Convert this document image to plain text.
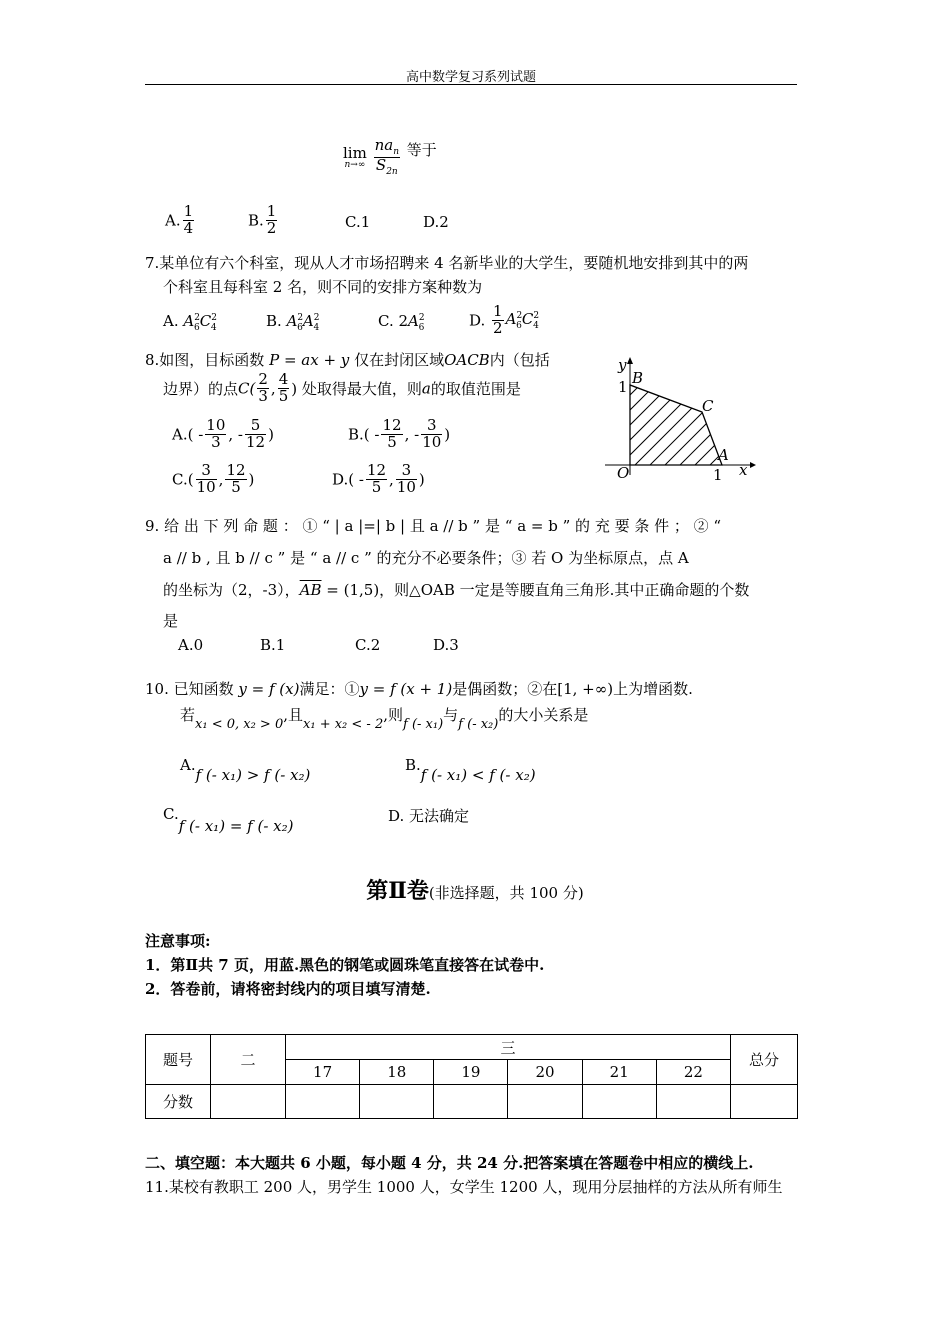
高中数学复习系列试题
lim
n→∞
$\frac{na_n}{S_{2n}}$ 等于
A. $\frac{1}{4}$	B. $\frac{1}{2}$	C.1	D.2
7.某单位有六个科室，现从人才市场招聘来 4 名新毕业的大学生，要随机地安排到其中的两
个科室且每科室 2 名，则不同的安排方案种数为
A. $A^2_6C^2_4$	B. $A^2_6A^2_4$	C. $2A^2_6$	D. $\frac{1}{2} A^2_6C^2_4$
8.如图，目标函数 P = ax + y 仅在封闭区域OACB内（包括
边界）的点$C( \frac{2}{3}$ , $\frac{4}{5}$ ) 处取得最大值，则a的取值范围是
$A.( - \frac{10}{3}$ , - $\frac{5}{12}$ )	$B.( - \frac{12}{5}$ , - $\frac{3}{10}$ )
$C.( \frac{3}{10}$ , $\frac{12}{5}$ )	$D.( - \frac{12}{5}$ , $\frac{3}{10}$ )
y
x
1
1
B
C
A
O
9. 给 出 下 列 命 题 ： ① “ | a |=| b | 且 a // b ” 是 “ a = b ” 的 充 要 条 件 ； ② “
a // b , 且 b // c ” 是 “ a // c ” 的充分不必要条件；③ 若 O 为坐标原点，点 A
的坐标为（2，-3），$\overline{AB} = (1,5)$，则△OAB 一定是等腰直角三角形.其中正确命题的个数
是
A.0	B.1	C.2	D.3
10. 已知函数 y = f (x)满足：①y = f (x + 1)是偶函数；②在[1, +∞)上为增函数.
若x₁ < 0, x₂ > 0,且x₁ + x₂ < - 2,则f (- x₁)与f (- x₂)的大小关系是
A.f (- x₁) > f (- x₂)
B.f (- x₁) < f (- x₂)
C.f (- x₁) = f (- x₂)
D. 无法确定
第Ⅱ卷(非选择题，共 100 分)
注意事项:
1．第Ⅱ共 7 页，用蓝.黑色的钢笔或圆珠笔直接答在试卷中.
2．答卷前，请将密封线内的项目填写清楚.
题号	二	三						总分
		17	18	19	20	21	22	
分数								
二、填空题：本大题共 6 小题，每小题 4 分，共 24 分.把答案填在答题卷中相应的横线上.
11.某校有教职工 200 人，男学生 1000 人，女学生 1200 人，现用分层抽样的方法从所有师生
